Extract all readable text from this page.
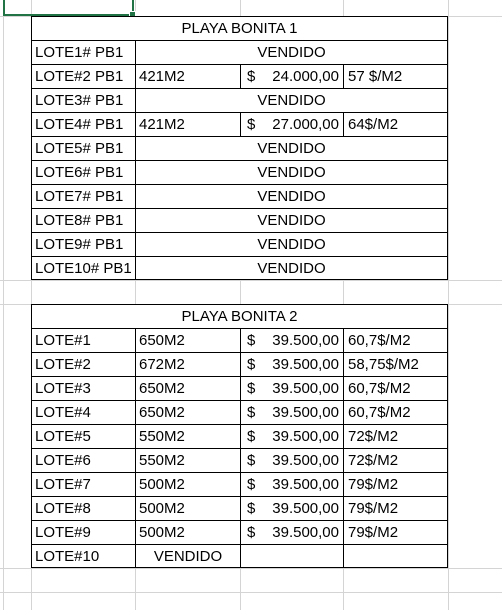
PLAYA BONITA 1
LOTE1# PB1	VENDIDO
LOTE#2 PB1	421M2	$ 24.000,00 57 $/M2
LOTE3# PB1	VENDIDO
LOTE4# PB1	421M2	$ 27.000,00 64$/M2
LOTE5# PB1	VENDIDO
LOTE6# PB1	VENDIDO
LOTE7# PB1	VENDIDO
LOTE8# PB1	VENDIDO
LOTE9# PB1	VENDIDO
LOTE10# PB1	VENDIDO
PLAYA BONITA 2
LOTE#1	650M2	$ 39.500,00 60,7$/M2
LOTE#2	672M2	$ 39.500,00 58,75$/M2
LOTE#3	650M2	$ 39.500,00 60,7$/M2
LOTE#4	650M2	$ 39.500,00 60,7$/M2
LOTE#5	550M2	$ 39.500,00 72$/M2
LOTE#6	550M2	$ 39.500,00 72$/M2
LOTE#7	500M2	$ 39.500,00 79$/M2
LOTE#8	500M2	$ 39.500,00 79$/M2
LOTE#9	500M2	$ 39.500,00 79$/M2
LOTE#10	VENDIDO
